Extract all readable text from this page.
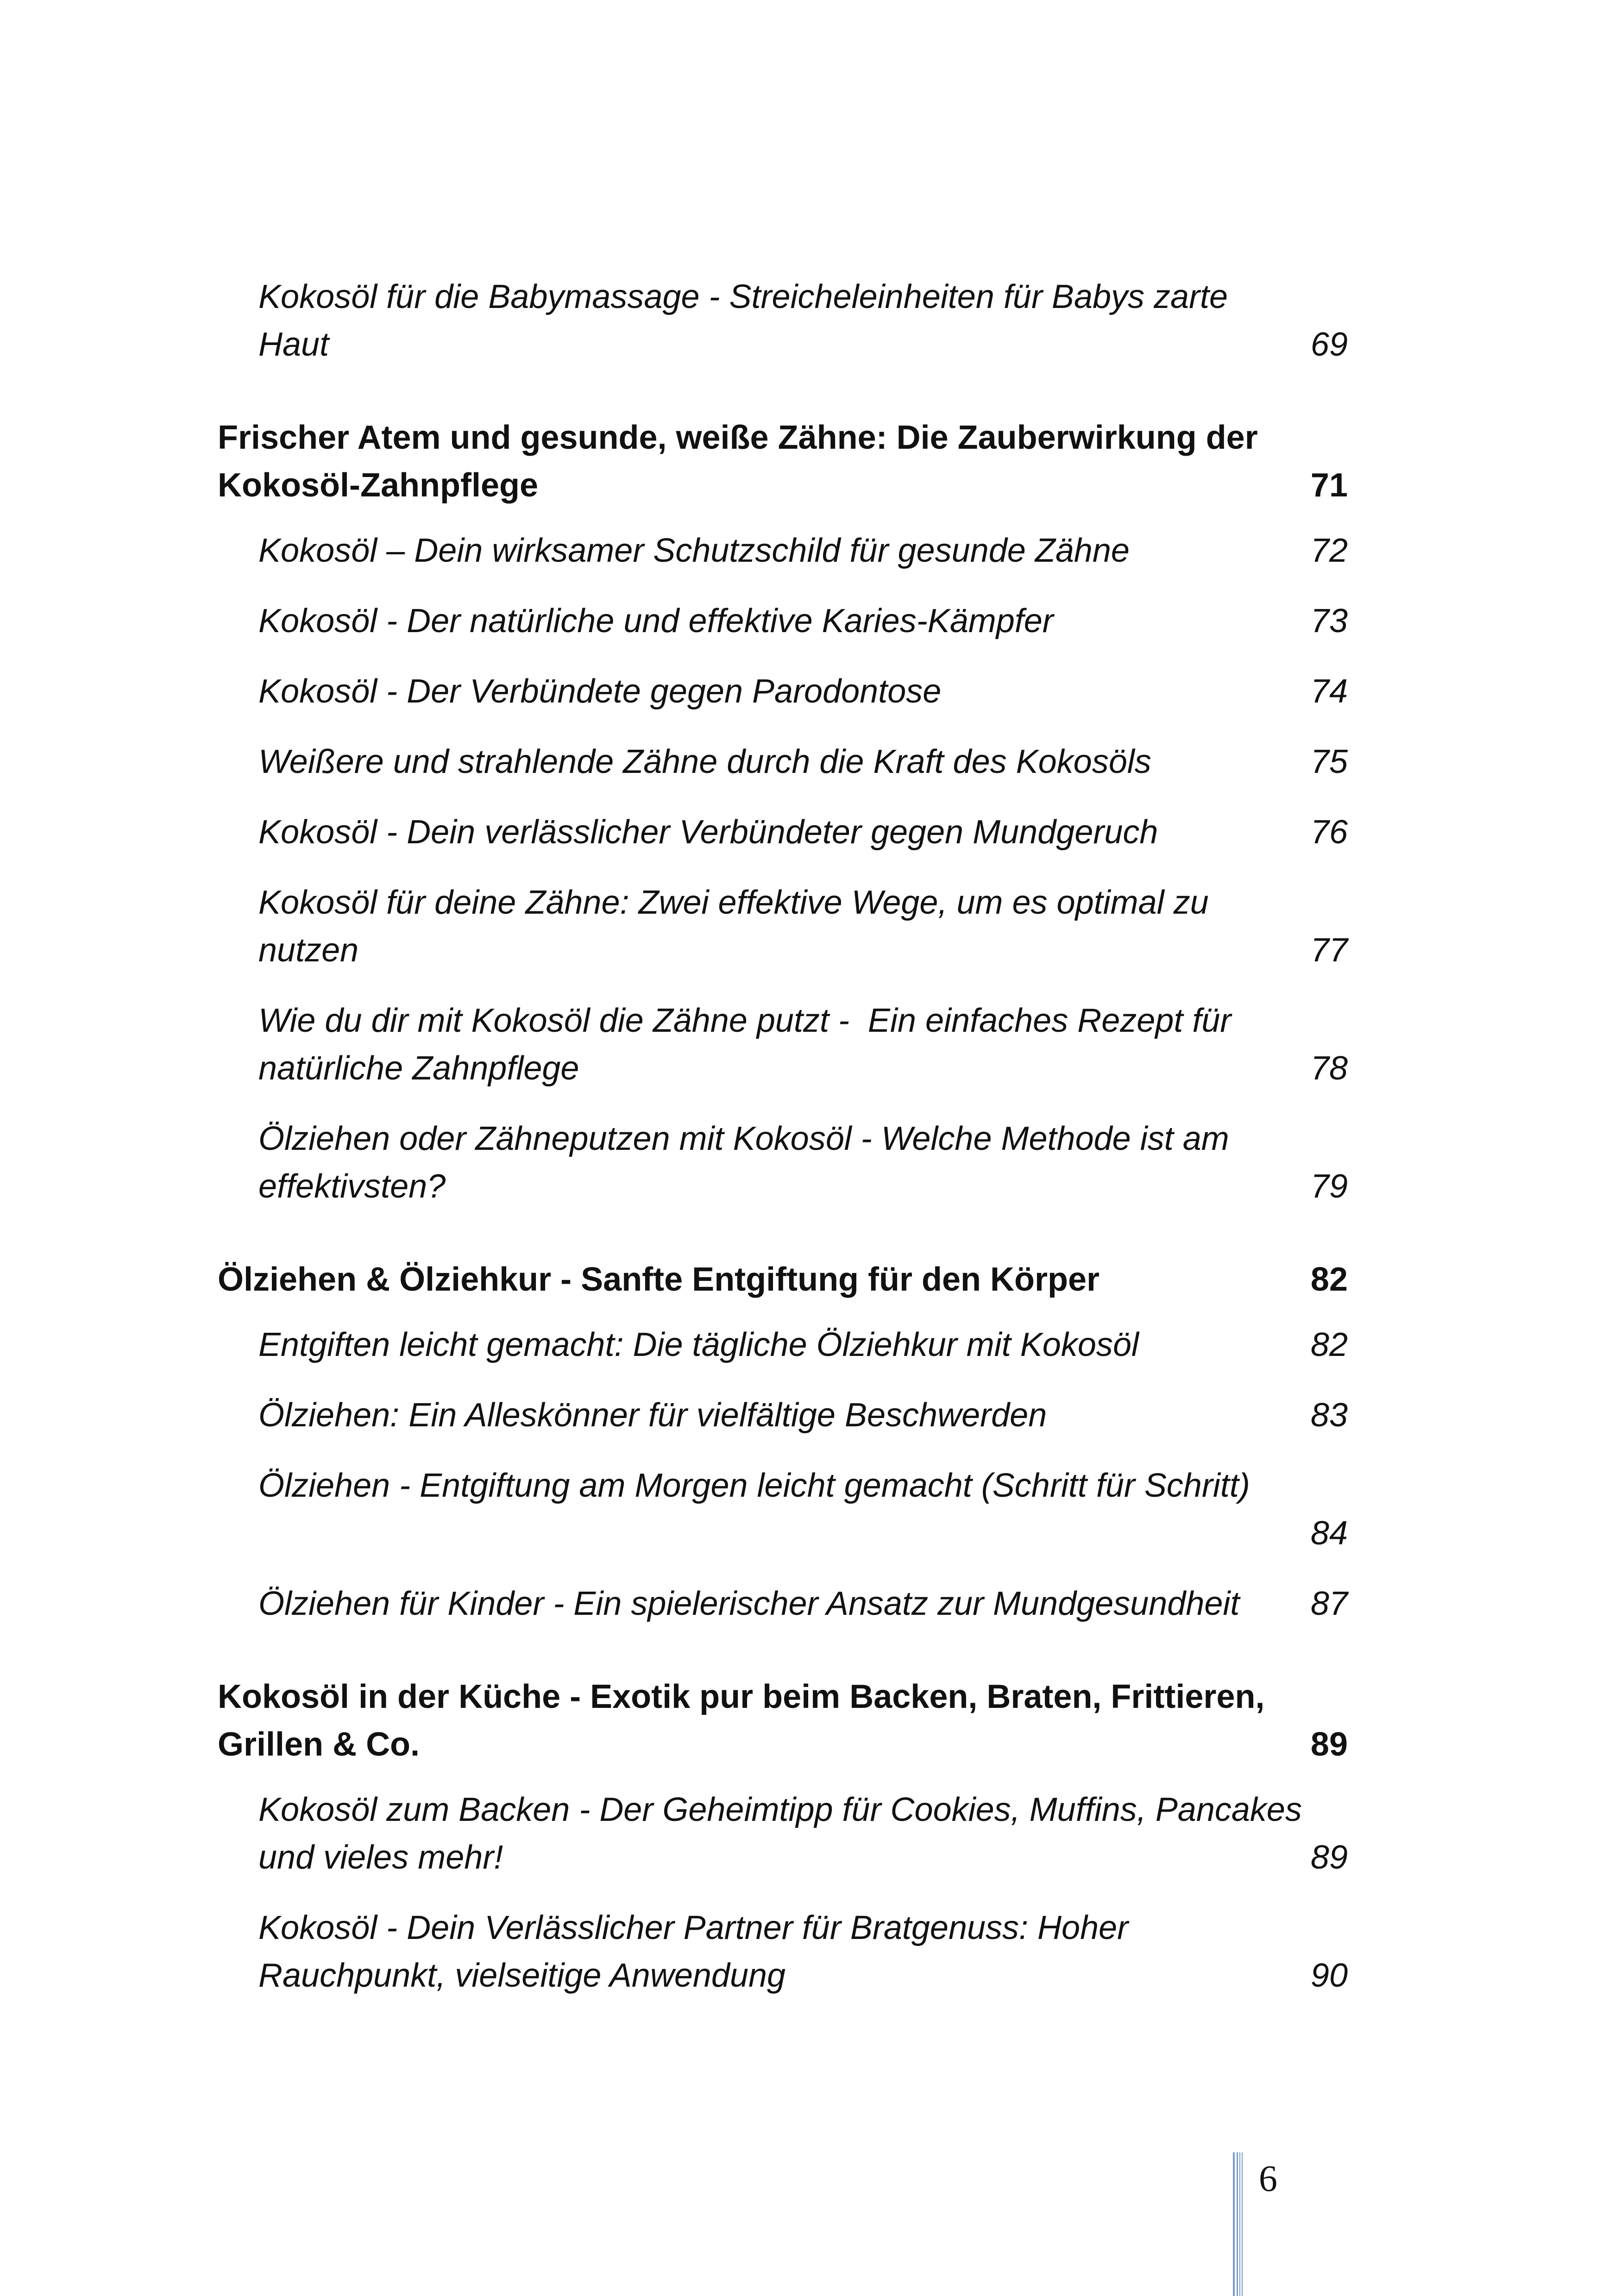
Kokosöl für die Babymassage - Streicheleinheiten für Babys zarte
Haut	69
Frischer Atem und gesunde, weiße Zähne: Die Zauberwirkung der
Kokosöl-Zahnpflege	71
Kokosöl – Dein wirksamer Schutzschild für gesunde Zähne	72
Kokosöl - Der natürliche und effektive Karies-Kämpfer	73
Kokosöl - Der Verbündete gegen Parodontose	74
Weißere und strahlende Zähne durch die Kraft des Kokosöls	75
Kokosöl - Dein verlässlicher Verbündeter gegen Mundgeruch	76
Kokosöl für deine Zähne: Zwei effektive Wege, um es optimal zu
nutzen	77
Wie du dir mit Kokosöl die Zähne putzt -  Ein einfaches Rezept für
natürliche Zahnpflege	78
Ölziehen oder Zähneputzen mit Kokosöl - Welche Methode ist am
effektivsten?	79
Ölziehen & Ölziehkur - Sanfte Entgiftung für den Körper	82
Entgiften leicht gemacht: Die tägliche Ölziehkur mit Kokosöl	82
Ölziehen: Ein Alleskönner für vielfältige Beschwerden	83
Ölziehen - Entgiftung am Morgen leicht gemacht (Schritt für Schritt)
84
Ölziehen für Kinder - Ein spielerischer Ansatz zur Mundgesundheit 87
Kokosöl in der Küche - Exotik pur beim Backen, Braten, Frittieren,
Grillen & Co.	89
Kokosöl zum Backen - Der Geheimtipp für Cookies, Muffins, Pancakes
und vieles mehr!	89
Kokosöl - Dein Verlässlicher Partner für Bratgenuss: Hoher
Rauchpunkt, vielseitige Anwendung	90
6
